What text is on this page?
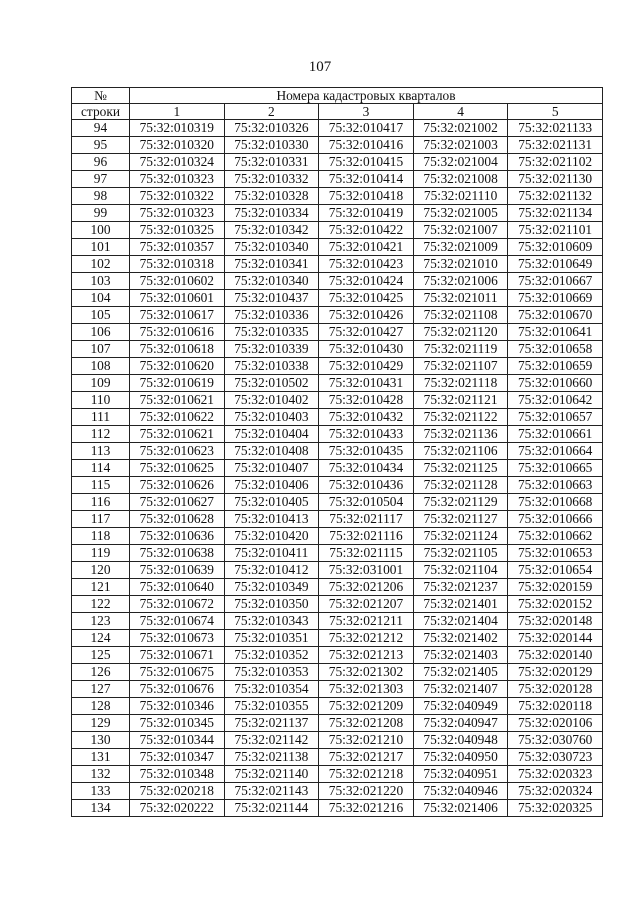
107
№	Номера кадастровых кварталов				
строки	1	2	3	4	5
94	75:32:010319	75:32:010326	75:32:010417	75:32:021002	75:32:021133
95	75:32:010320	75:32:010330	75:32:010416	75:32:021003	75:32:021131
96	75:32:010324	75:32:010331	75:32:010415	75:32:021004	75:32:021102
97	75:32:010323	75:32:010332	75:32:010414	75:32:021008	75:32:021130
98	75:32:010322	75:32:010328	75:32:010418	75:32:021110	75:32:021132
99	75:32:010323	75:32:010334	75:32:010419	75:32:021005	75:32:021134
100	75:32:010325	75:32:010342	75:32:010422	75:32:021007	75:32:021101
101	75:32:010357	75:32:010340	75:32:010421	75:32:021009	75:32:010609
102	75:32:010318	75:32:010341	75:32:010423	75:32:021010	75:32:010649
103	75:32:010602	75:32:010340	75:32:010424	75:32:021006	75:32:010667
104	75:32:010601	75:32:010437	75:32:010425	75:32:021011	75:32:010669
105	75:32:010617	75:32:010336	75:32:010426	75:32:021108	75:32:010670
106	75:32:010616	75:32:010335	75:32:010427	75:32:021120	75:32:010641
107	75:32:010618	75:32:010339	75:32:010430	75:32:021119	75:32:010658
108	75:32:010620	75:32:010338	75:32:010429	75:32:021107	75:32:010659
109	75:32:010619	75:32:010502	75:32:010431	75:32:021118	75:32:010660
110	75:32:010621	75:32:010402	75:32:010428	75:32:021121	75:32:010642
111	75:32:010622	75:32:010403	75:32:010432	75:32:021122	75:32:010657
112	75:32:010621	75:32:010404	75:32:010433	75:32:021136	75:32:010661
113	75:32:010623	75:32:010408	75:32:010435	75:32:021106	75:32:010664
114	75:32:010625	75:32:010407	75:32:010434	75:32:021125	75:32:010665
115	75:32:010626	75:32:010406	75:32:010436	75:32:021128	75:32:010663
116	75:32:010627	75:32:010405	75:32:010504	75:32:021129	75:32:010668
117	75:32:010628	75:32:010413	75:32:021117	75:32:021127	75:32:010666
118	75:32:010636	75:32:010420	75:32:021116	75:32:021124	75:32:010662
119	75:32:010638	75:32:010411	75:32:021115	75:32:021105	75:32:010653
120	75:32:010639	75:32:010412	75:32:031001	75:32:021104	75:32:010654
121	75:32:010640	75:32:010349	75:32:021206	75:32:021237	75:32:020159
122	75:32:010672	75:32:010350	75:32:021207	75:32:021401	75:32:020152
123	75:32:010674	75:32:010343	75:32:021211	75:32:021404	75:32:020148
124	75:32:010673	75:32:010351	75:32:021212	75:32:021402	75:32:020144
125	75:32:010671	75:32:010352	75:32:021213	75:32:021403	75:32:020140
126	75:32:010675	75:32:010353	75:32:021302	75:32:021405	75:32:020129
127	75:32:010676	75:32:010354	75:32:021303	75:32:021407	75:32:020128
128	75:32:010346	75:32:010355	75:32:021209	75:32:040949	75:32:020118
129	75:32:010345	75:32:021137	75:32:021208	75:32:040947	75:32:020106
130	75:32:010344	75:32:021142	75:32:021210	75:32:040948	75:32:030760
131	75:32:010347	75:32:021138	75:32:021217	75:32:040950	75:32:030723
132	75:32:010348	75:32:021140	75:32:021218	75:32:040951	75:32:020323
133	75:32:020218	75:32:021143	75:32:021220	75:32:040946	75:32:020324
134	75:32:020222	75:32:021144	75:32:021216	75:32:021406	75:32:020325
